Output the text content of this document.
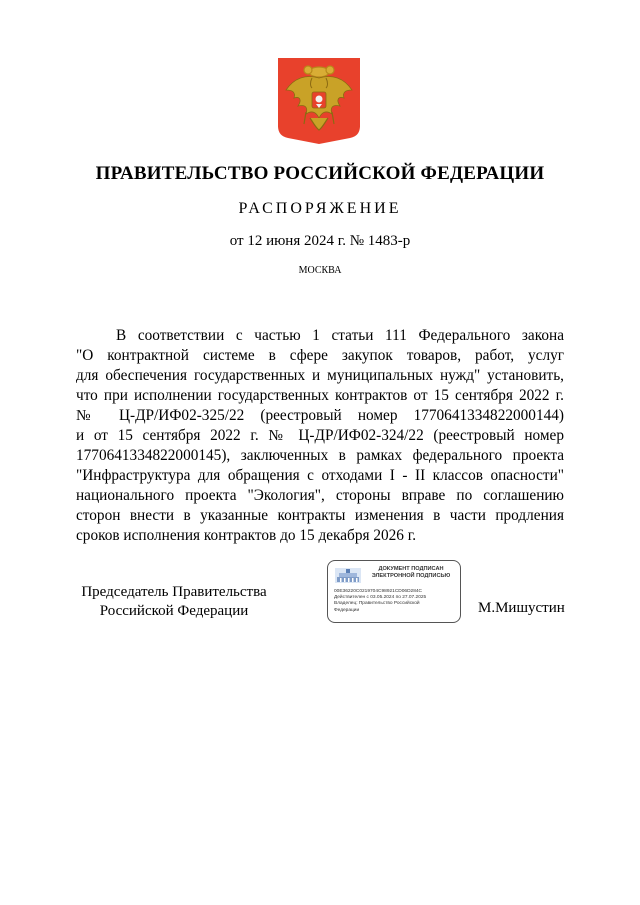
ПРАВИТЕЛЬСТВО РОССИЙСКОЙ ФЕДЕРАЦИИ
РАСПОРЯЖЕНИЕ
от 12 июня 2024 г. № 1483-р
МОСКВА
В соответствии с частью 1 статьи 111 Федерального закона
"О контрактной системе в сфере закупок товаров, работ, услуг
для обеспечения государственных и муниципальных нужд" установить,
что при исполнении государственных контрактов от 15 сентября 2022 г.
№ Ц-ДР/ИФ02-325/22 (реестровый номер 1770641334822000144)
и от 15 сентября 2022 г. № Ц-ДР/ИФ02-324/22 (реестровый номер
1770641334822000145), заключенных в рамках федерального проекта
"Инфраструктура для обращения с отходами I - II классов опасности"
национального проекта "Экология", стороны вправе по соглашению
сторон внести в указанные контракты изменения в части продления
сроков исполнения контрактов до 15 декабря 2026 г.
Председатель Правительства
Российской Федерации
ДОКУМЕНТ ПОДПИСАН
ЭЛЕКТРОННОЙ ПОДПИСЬЮ
00E36220C0219704C98921CD06D284C
Действителен с 03.05.2024 по 27.07.2025
Владелец: Правительство Российской
Федерации	М.Мишустин
